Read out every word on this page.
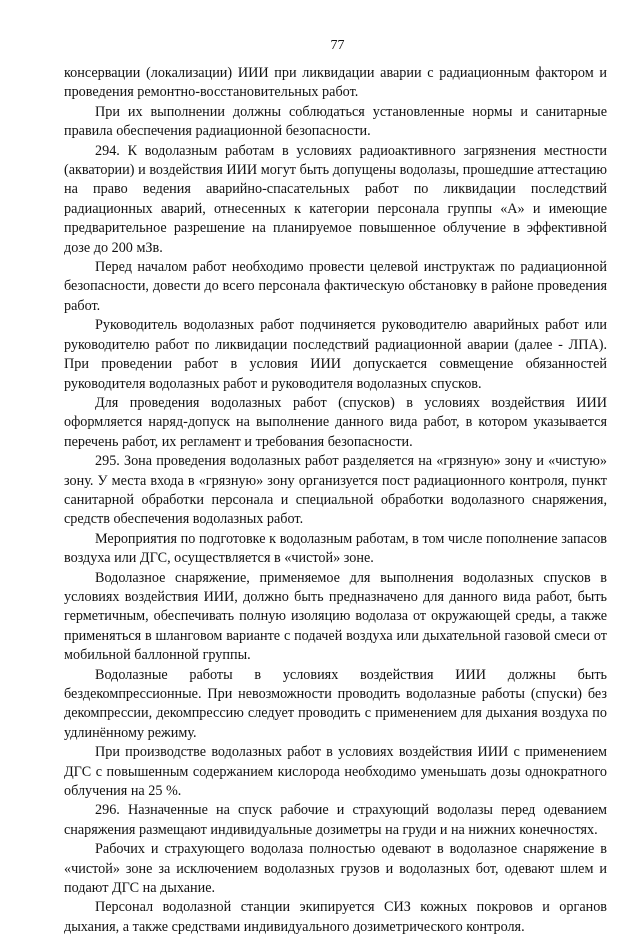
77

консервации (локализации) ИИИ при ликвидации аварии с радиационным фактором и проведения ремонтно-восстановительных работ.

При их выполнении должны соблюдаться установленные нормы и санитарные правила обеспечения радиационной безопасности.

294. К водолазным работам в условиях радиоактивного загрязнения местности (акватории) и воздействия ИИИ могут быть допущены водолазы, прошедшие аттестацию на право ведения аварийно-спасательных работ по ликвидации последствий радиационных аварий, отнесенных к категории персонала группы «А» и имеющие предварительное разрешение на планируемое повышенное облучение в эффективной дозе до 200 мЗв.

Перед началом работ необходимо провести целевой инструктаж по радиационной безопасности, довести до всего персонала фактическую обстановку в районе проведения работ.

Руководитель водолазных работ подчиняется руководителю аварийных работ или руководителю работ по ликвидации последствий радиационной аварии (далее - ЛПА). При проведении работ в условия ИИИ допускается совмещение обязанностей руководителя водолазных работ и руководителя водолазных спусков.

Для проведения водолазных работ (спусков) в условиях воздействия ИИИ оформляется наряд-допуск на выполнение данного вида работ, в котором указывается перечень работ, их регламент и требования безопасности.

295. Зона проведения водолазных работ разделяется на «грязную» зону и «чистую» зону. У места входа в «грязную» зону организуется пост радиационного контроля, пункт санитарной обработки персонала и специальной обработки водолазного снаряжения, средств обеспечения водолазных работ.

Мероприятия по подготовке к водолазным работам, в том числе пополнение запасов воздуха или ДГС, осуществляется в «чистой» зоне.

Водолазное снаряжение, применяемое для выполнения водолазных спусков в условиях воздействия ИИИ, должно быть предназначено для данного вида работ, быть герметичным, обеспечивать полную изоляцию водолаза от окружающей среды, а также применяться в шланговом варианте с подачей воздуха или дыхательной газовой смеси от мобильной баллонной группы.

Водолазные работы в условиях воздействия ИИИ должны быть бездекомпрессионные. При невозможности проводить водолазные работы (спуски) без декомпрессии, декомпрессию следует проводить с применением для дыхания воздуха по удлинённому режиму.

При производстве водолазных работ в условиях воздействия ИИИ с применением ДГС с повышенным содержанием кислорода необходимо уменьшать дозы однократного облучения на 25 %.

296. Назначенные на спуск рабочие и страхующий водолазы перед одеванием снаряжения размещают индивидуальные дозиметры на груди и на нижних конечностях.

Рабочих и страхующего водолаза полностью одевают в водолазное снаряжение в «чистой» зоне за исключением водолазных грузов и водолазных бот, одевают шлем и подают ДГС на дыхание.

Персонал водолазной станции экипируется СИЗ кожных покровов и органов дыхания, а также средствами индивидуального дозиметрического контроля.
